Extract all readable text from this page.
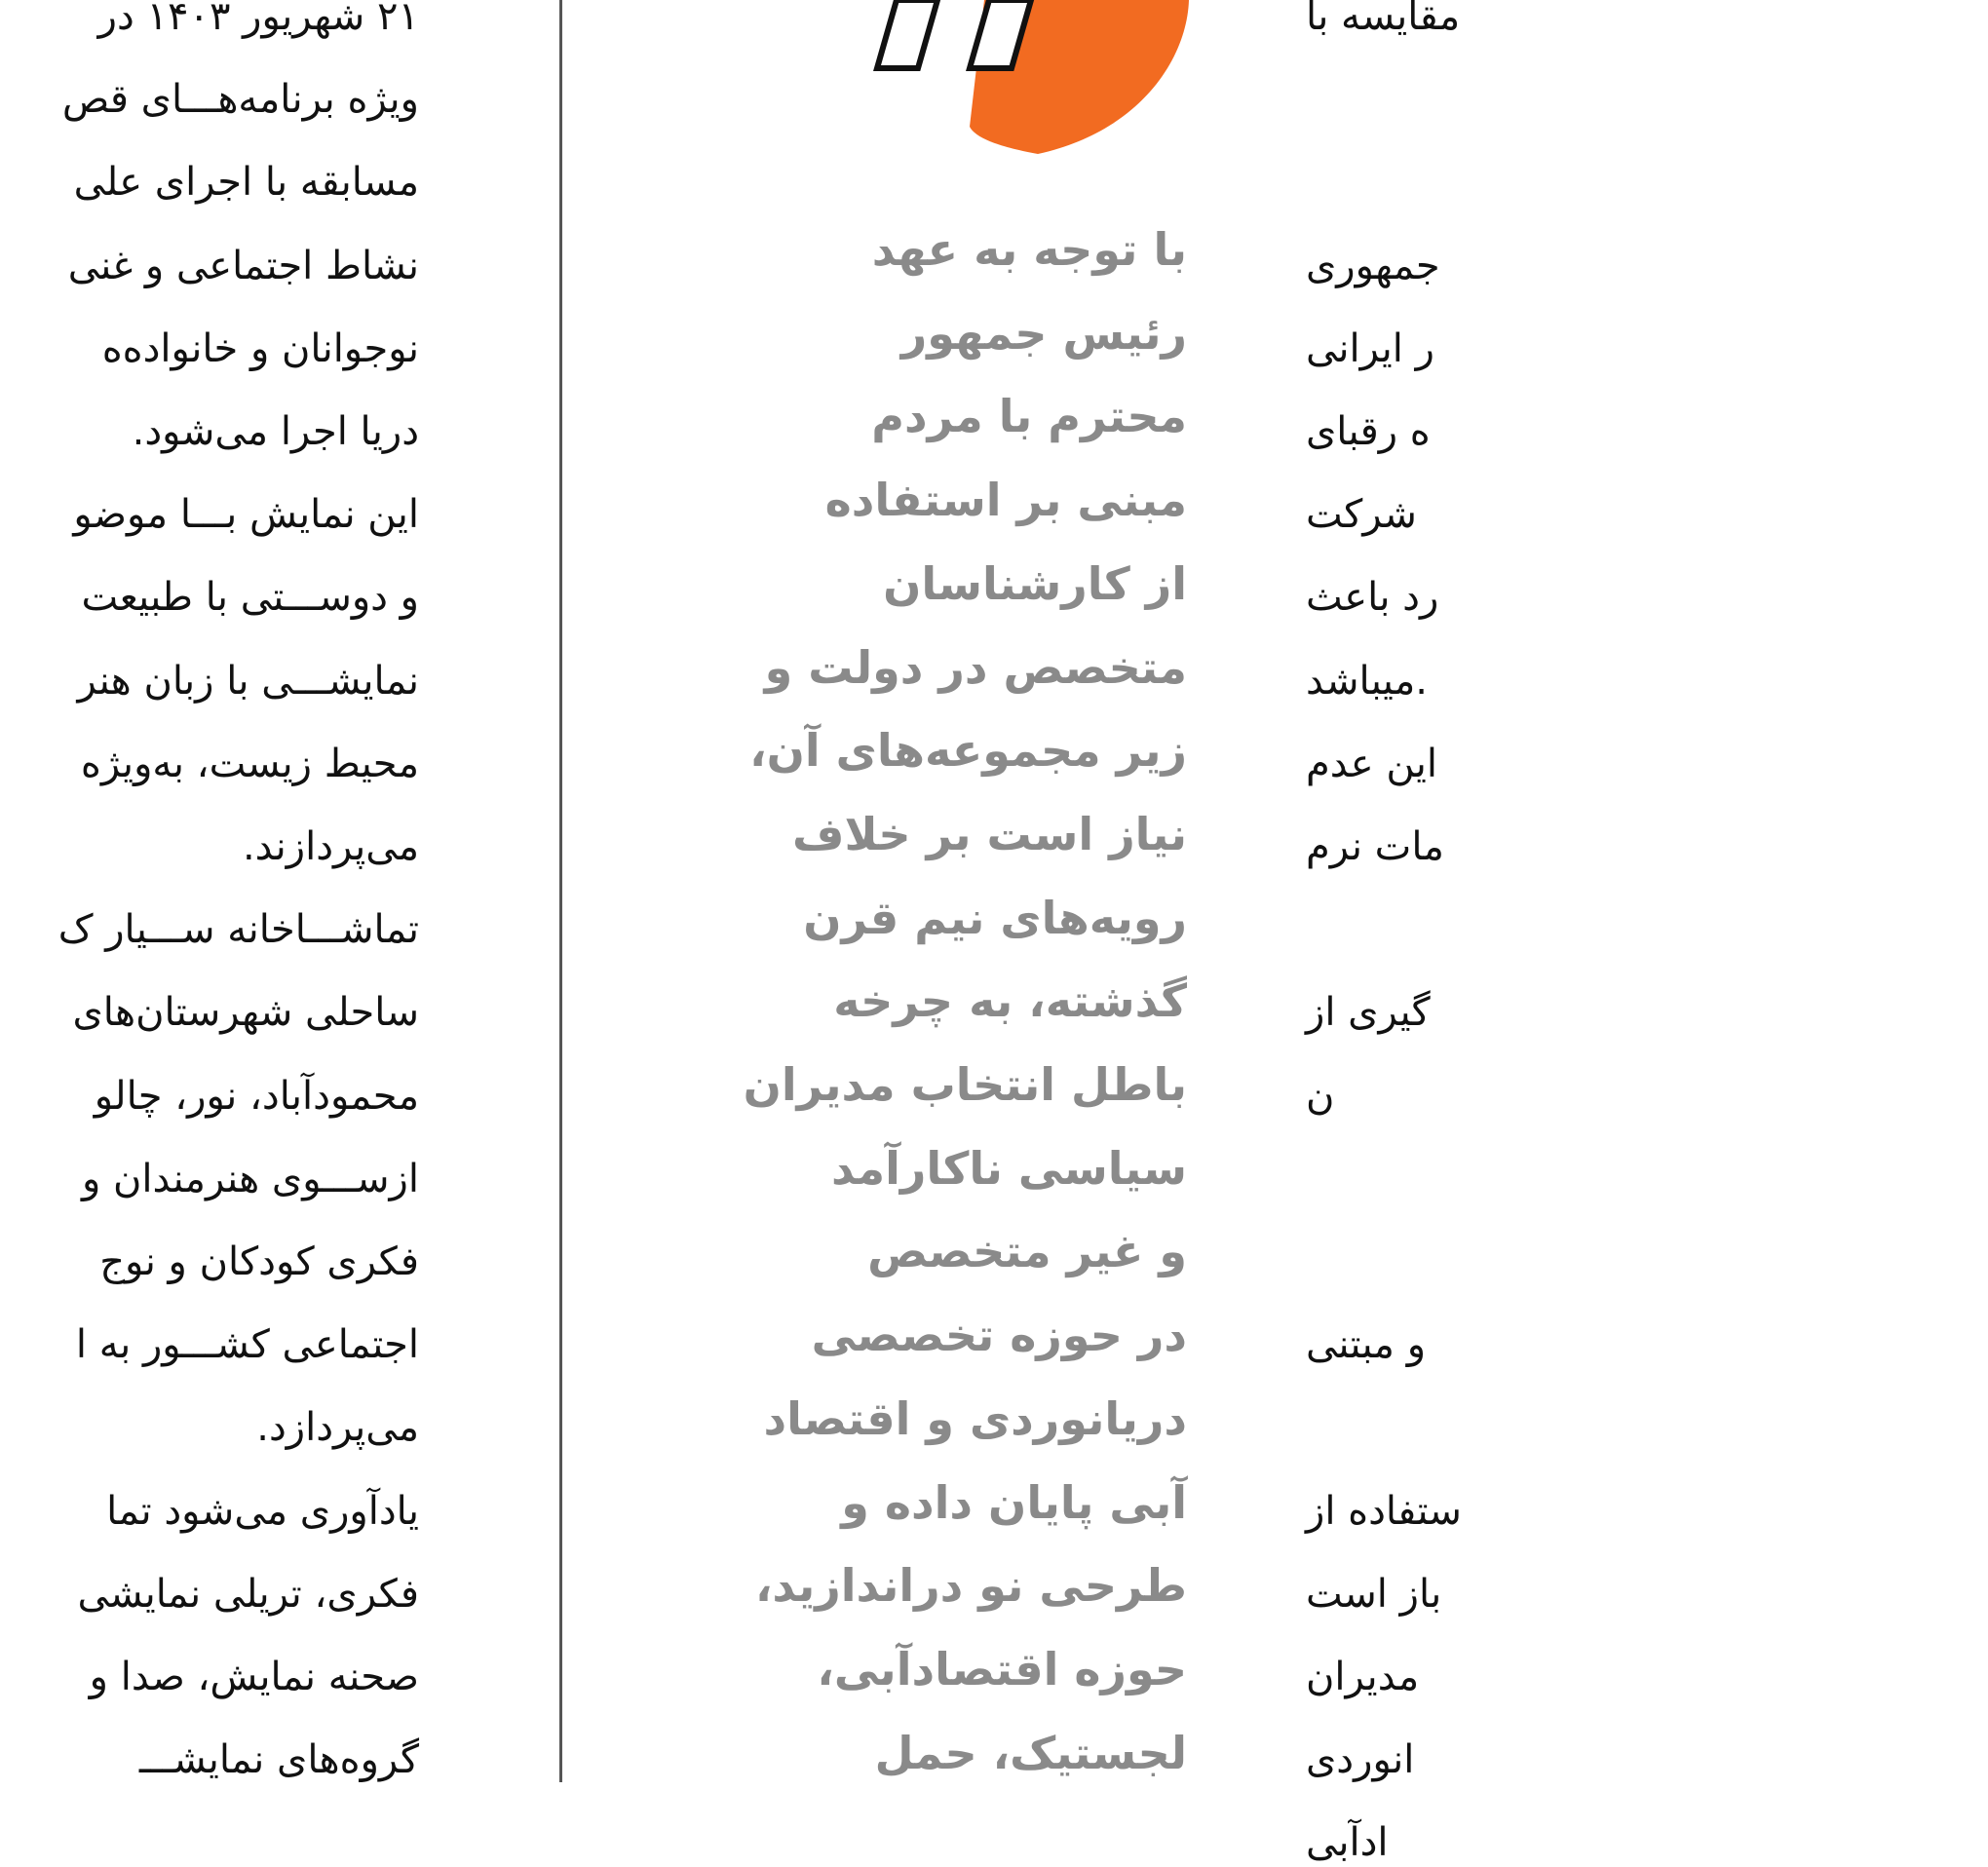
۲۱ شهریور ۱۴۰۳ در
ویژه برنامه‌هـــای قص
مسابقه با اجرای علی
نشاط اجتماعی و غنی
نوجوانان و خانواده‌ه
دریا اجرا می‌شود.
این نمایش بـــا موضو
و دوســـتی با طبیعت
نمایشـــی با زبان هنر
محیط زیست، به‌ویژه
می‌پردازند.
تماشـــاخانه ســـیار ک
ساحلی شهرستان‌های
محمودآباد، نور، چالو
ازســـوی هنرمندان و
فکری کودکان و نوج
اجتماعی کشـــور به ا
می‌پردازد.
یادآوری می‌شود تما
فکری، تریلی نمایشی
صحنه نمایش، صدا و
گروه‌های نمایشـــ
با توجه به عهد
رئیس جمهور
محترم با مردم
مبنی بر استفاده
از کارشناسان
متخصص در دولت و
زیر مجموعه‌های آن،
نیاز است بر خلاف
رویه‌های نیم قرن
گذشته، به چرخه
باطل انتخاب مدیران
سیاسی ناکارآمد
و غیر متخصص
در حوزه تخصصی
دریانوردی و اقتصاد
آبی پایان داده و
طرحی نو دراندازید،
حوزه اقتصادآبی،
لجستیک، حمل
مقایسه با
جمهوری
ر ایرانی
ه رقبای
شرکت
رد باعث
میباشد.
این عدم
مات نرم
گیری از
ن
و مبتنی
ستفاده از
باز است
مدیران
انوردی
ادآبی
